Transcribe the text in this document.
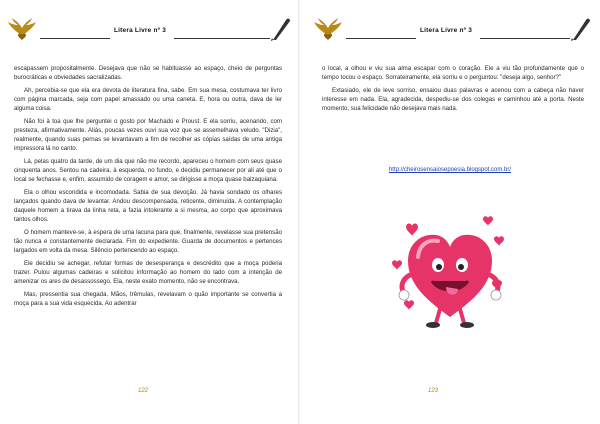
Litera Livre nº 3

escapassem propositalmente. Desejava que não se habituasse ao espaço, cheio de perguntas burocráticas e obviedades sacralizadas.

Ah, percebia-se que ela era devota de literatura fina, sabe. Em sua mesa, costumava ter livro com página marcada, seja com papel amassado ou uma caneta. E, hora ou outra, dava de ler alguma coisa.

Não foi à toa que lhe perguntei o gosto por Machado e Proust. E ela sorriu, acenando, com presteza, afirmativamente. Aliás, poucas vezes ouvi sua voz que se assemelhava veludo. "Dizia", realmente, quando suas pernas se levantavam a fim de recolher as cópias saídas de uma antiga impressora lá no canto.

Lá, pelas quatro da tarde, de um dia que não me recordo, apareceu o homem com seus quase cinquenta anos. Sentou na cadeira, à esquerda, no fundo, e decidiu permanecer por ali até que o local se fechasse e, enfim, assumido de coragem e amor, se dirigisse a moça quase balzaquiana.

Ela o olhou escondida e incomodada. Sabia de sua devoção. Já havia sondado os olhares lançados quando dava de levantar. Andou descompensada, reticente, diminuída. A contemplação daquele homem a tirava da linha reta, a fazia intolerante a si mesma, ao corpo que aproximava tantos olhos.

O homem manteve-se, à espera de uma lacuna para que, finalmente, revelasse sua pretensão tão nunca e constantemente declarada. Fim do expediente. Guarda de documentos e pertences largados em volta da mesa. Silêncio pertencendo ao espaço.

Ele decidiu se achegar, refutar formas de desesperança e descrédito que a moça poderia trazer. Pulou algumas cadeiras e solicitou informação ao homem do lado com a intenção de amenizar os ares de desassossego. Ela, neste exato momento, não se encontrava.

Mas, pressentia sua chegada. Mãos, trêmulas, revelavam o quão importante se convertia a moça para a sua vida esquecida. Ao adentrar

122
Litera Livre nº 3

o local, a olhou e viu sua alma escapar com o coração. Ele a viu tão profundamente que o tempo tocou o espaço. Sorrateiramente, ela sorriu e o perguntou: "deseja algo, senhor?"

Extasiado, ele de leve sorriso, ensaiou duas palavras e acenou com a cabeça não haver interesse em nada. Ela, agradecida, despediu-se dos colegas e caminhou até a porta. Neste momento, sua felicidade não desejava mais nada.

http://cheirosensaiosepoesia.blogspot.com.br/
123
